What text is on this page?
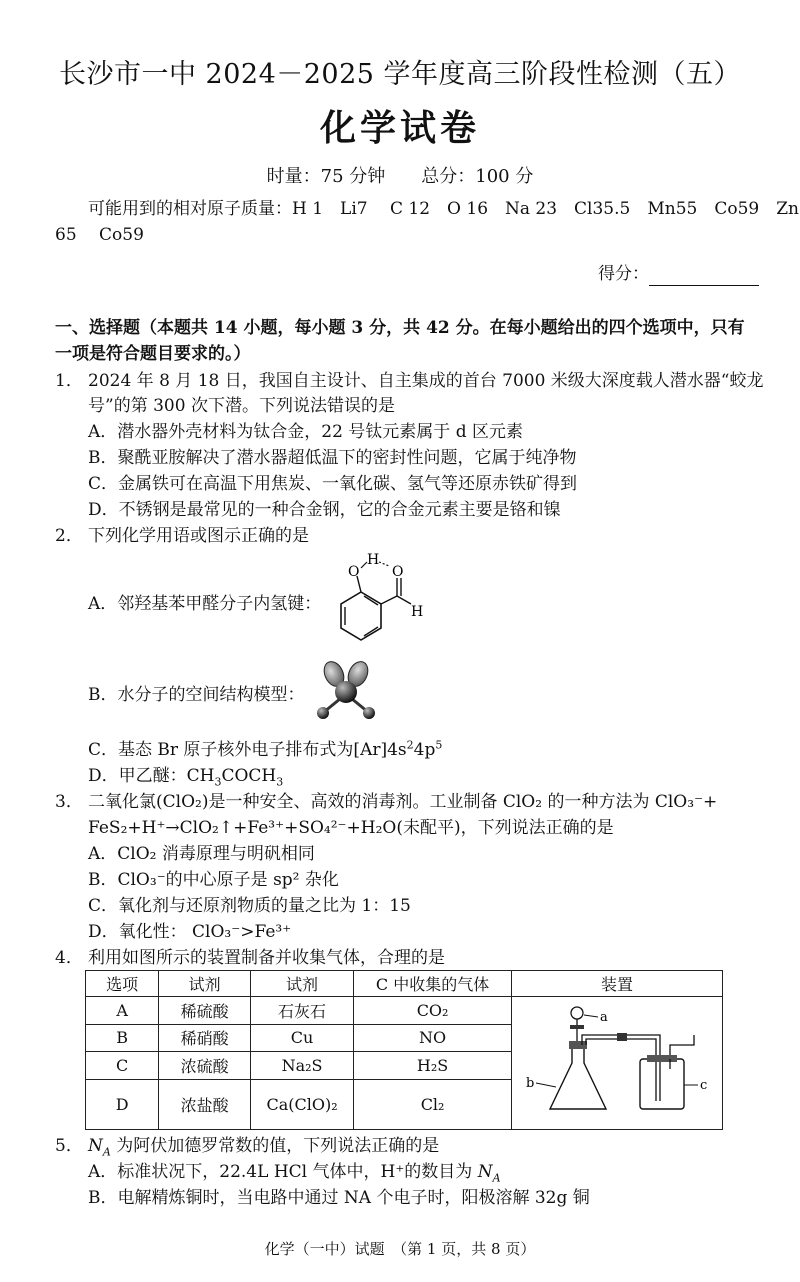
长沙市一中 2024－2025 学年度高三阶段性检测（五）
化学试卷
时量：75 分钟 总分：100 分
可能用到的相对原子质量：H 1　Li7　 C 12　O 16　Na 23　Cl35.5　Mn55　Co59　Zn
65　 Co59
得分：
一、选择题（本题共 14 小题，每小题 3 分，共 42 分。在每小题给出的四个选项中，只有
一项是符合题目要求的。）
1． 2024 年 8 月 18 日，我国自主设计、自主集成的首台 7000 米级大深度载人潜水器“蛟龙
号”的第 300 次下潜。下列说法错误的是
A．潜水器外壳材料为钛合金，22 号钛元素属于 d 区元素
B．聚酰亚胺解决了潜水器超低温下的密封性问题，它属于纯净物
C．金属铁可在高温下用焦炭、一氧化碳、氢气等还原赤铁矿得到
D．不锈钢是最常见的一种合金钢，它的合金元素主要是铬和镍
2． 下列化学用语或图示正确的是
A．邻羟基苯甲醛分子内氢键：
O
H
O
H
B．水分子的空间结构模型：
C．基态 Br 原子核外电子排布式为$[Ar]4s^24p^5$
D．甲乙醚：$CH_3COCH_3$
3． 二氧化氯(ClO₂)是一种安全、高效的消毒剂。工业制备 ClO₂ 的一种方法为 ClO₃⁻+
FeS₂+H⁺→ClO₂↑+Fe³⁺+SO₄²⁻+H₂O(未配平)，下列说法正确的是
A．ClO₂ 消毒原理与明矾相同
B．ClO₃⁻的中心原子是 sp² 杂化
C．氧化剂与还原剂物质的量之比为 1：15
D．氧化性： ClO₃⁻>Fe³⁺
4． 利用如图所示的装置制备并收集气体，合理的是
选项	试剂	试剂	C 中收集的气体	装置
A	稀硫酸	石灰石	CO₂	a
b c

B	稀硝酸	Cu	NO	
C	浓硫酸	Na₂S	H₂S	
D	浓盐酸	Ca(ClO)₂	Cl₂	
5． $N_A$ 为阿伏加德罗常数的值，下列说法正确的是
A．标准状况下，22.4L HCl 气体中，H⁺的数目为 $N_A$
B．电解精炼铜时，当电路中通过 NA 个电子时，阳极溶解 32g 铜
化学（一中）试题　（第 1 页，共 8 页）
